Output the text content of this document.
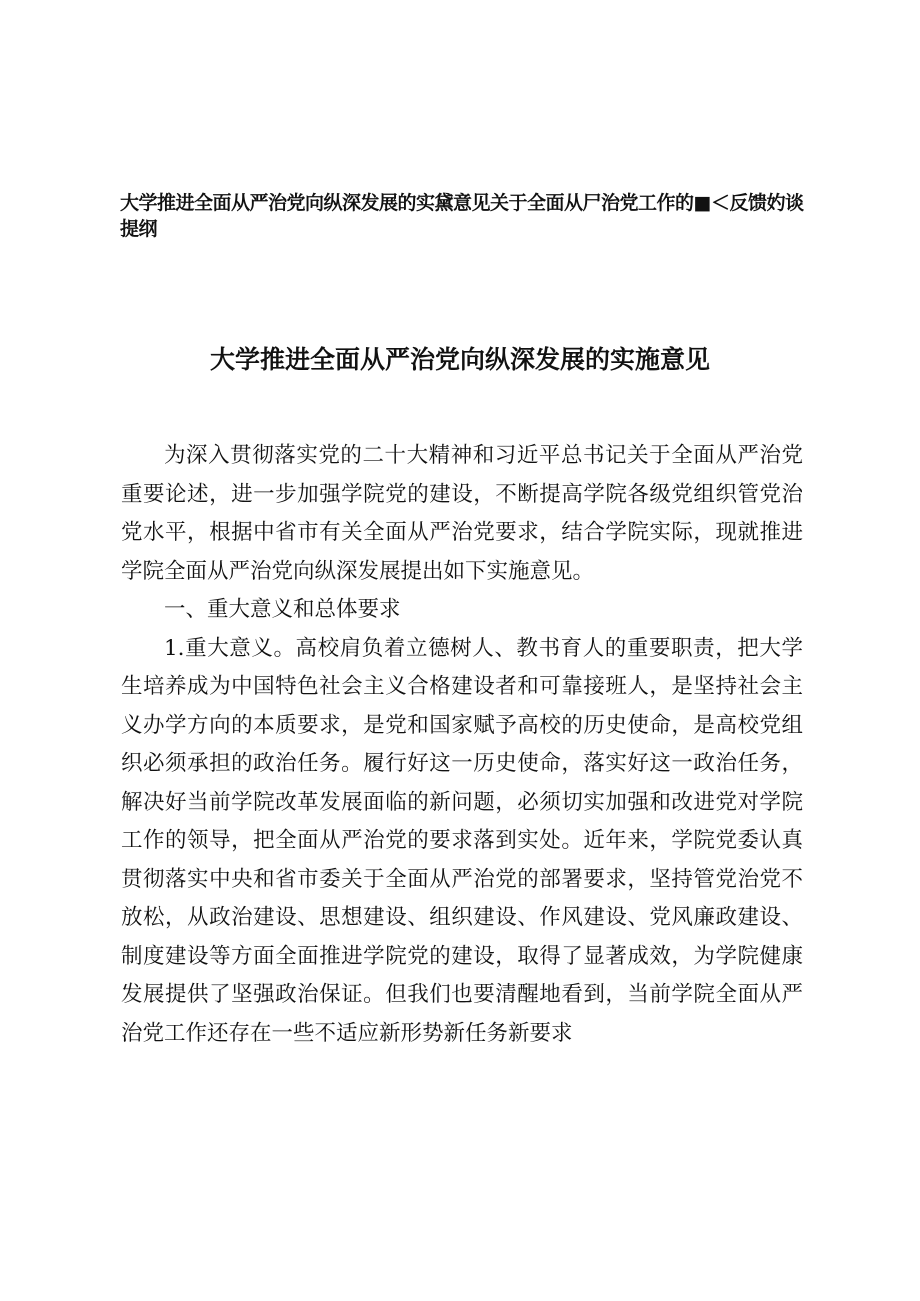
大学推进全面从严治党向纵深发展的实黛意见关于全面从尸治党工作的■＜反馈妁谈提纲
大学推进全面从严治党向纵深发展的实施意见

为深入贯彻落实党的二十大精神和习近平总书记关于全面从严治党重要论述，进一步加强学院党的建设，不断提高学院各级党组织管党治党水平，根据中省市有关全面从严治党要求，结合学院实际，现就推进学院全面从严治党向纵深发展提出如下实施意见。

一、重大意义和总体要求

1.重大意义。高校肩负着立德树人、教书育人的重要职责，把大学生培养成为中国特色社会主义合格建设者和可靠接班人，是坚持社会主义办学方向的本质要求，是党和国家赋予高校的历史使命，是高校党组织必须承担的政治任务。履行好这一历史使命，落实好这一政治任务，解决好当前学院改革发展面临的新问题，必须切实加强和改进党对学院工作的领导，把全面从严治党的要求落到实处。近年来，学院党委认真贯彻落实中央和省市委关于全面从严治党的部署要求，坚持管党治党不放松，从政治建设、思想建设、组织建设、作风建设、党风廉政建设、制度建设等方面全面推进学院党的建设，取得了显著成效，为学院健康发展提供了坚强政治保证。但我们也要清醒地看到，当前学院全面从严治党工作还存在一些不适应新形势新任务新要求
